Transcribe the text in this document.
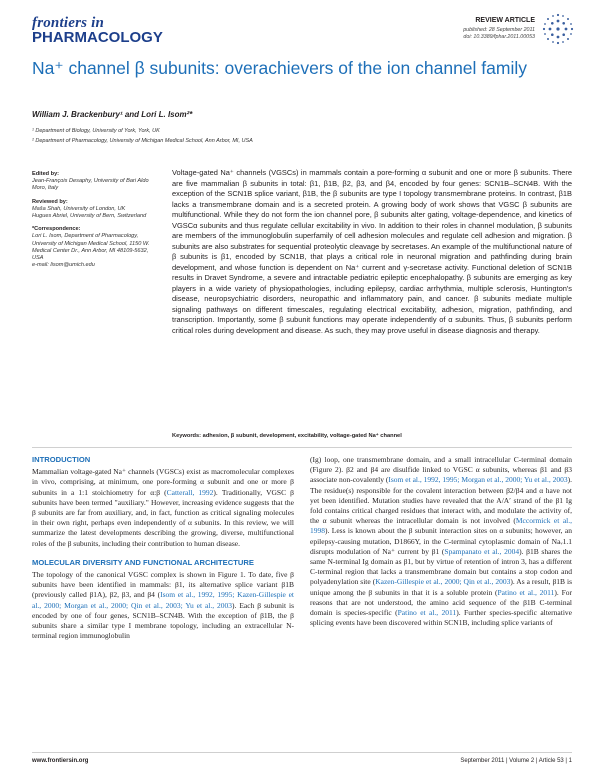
frontiers in
PHARMACOLOGY
REVIEW ARTICLE
published: 28 September 2011
doi: 10.3389/fphar.2011.00053
Na⁺ channel β subunits: overachievers of the ion channel family
William J. Brackenbury¹ and Lori L. Isom²*
¹ Department of Biology, University of York, York, UK
² Department of Pharmacology, University of Michigan Medical School, Ann Arbor, MI, USA
Edited by:
Jean-François Desaphy, University of Bari Aldo Moro, Italy
Reviewed by:
Maša Shah, University of London, UK
Hugues Abriel, University of Bern, Switzerland
*Correspondence:
Lori L. Isom, Department of Pharmacology, University of Michigan Medical School, 1150 W. Medical Center Dr., Ann Arbor, MI 48109-5632, USA
e-mail: lisom@umich.edu
Voltage-gated Na⁺ channels (VGSCs) in mammals contain a pore-forming α subunit and one or more β subunits. There are five mammalian β subunits in total: β1, β1B, β2, β3, and β4, encoded by four genes: SCN1B–SCN4B. With the exception of the SCN1B splice variant, β1B, the β subunits are type I topology transmembrane proteins. In contrast, β1B lacks a transmembrane domain and is a secreted protein. A growing body of work shows that VGSC β subunits are multifunctional. While they do not form the ion channel pore, β subunits alter gating, voltage-dependence, and kinetics of VGSCα subunits and thus regulate cellular excitability in vivo. In addition to their roles in channel modulation, β subunits are members of the immunoglobulin superfamily of cell adhesion molecules and regulate cell adhesion and migration. β subunits are also substrates for sequential proteolytic cleavage by secretases. An example of the multifunctional nature of β subunits is β1, encoded by SCN1B, that plays a critical role in neuronal migration and pathfinding during brain development, and whose function is dependent on Na⁺ current and γ-secretase activity. Functional deletion of SCN1B results in Dravet Syndrome, a severe and intractable pediatric epileptic encephalopathy. β subunits are emerging as key players in a wide variety of physiopathologies, including epilepsy, cardiac arrhythmia, multiple sclerosis, Huntington's disease, neuropsychiatric disorders, neuropathic and inflammatory pain, and cancer. β subunits mediate multiple signaling pathways on different timescales, regulating electrical excitability, adhesion, migration, pathfinding, and transcription. Importantly, some β subunit functions may operate independently of α subunits. Thus, β subunits perform critical roles during development and disease. As such, they may prove useful in disease diagnosis and therapy.
Keywords: adhesion, β subunit, development, excitability, voltage-gated Na⁺ channel
INTRODUCTION
Mammalian voltage-gated Na⁺ channels (VGSCs) exist as macromolecular complexes in vivo, comprising, at minimum, one pore-forming α subunit and one or more β subunits in a 1:1 stoichiometry for α:β (Catterall, 1992). Traditionally, VGSC β subunits have been termed "auxiliary." However, increasing evidence suggests that the β subunits are far from auxiliary, and, in fact, function as critical signaling molecules in their own right, perhaps even independently of α subunits. In this review, we will summarize the latest developments describing the growing, diverse, multifunctional roles of the β subunits, including their contribution to human disease.
MOLECULAR DIVERSITY AND FUNCTIONAL ARCHITECTURE
The topology of the canonical VGSC complex is shown in Figure 1. To date, five β subunits have been identified in mammals: β1, its alternative splice variant β1B (previously called β1A), β2, β3, and β4 (Isom et al., 1992, 1995; Kazen-Gillespie et al., 2000; Morgan et al., 2000; Qin et al., 2003; Yu et al., 2003). Each β subunit is encoded by one of four genes, SCN1B–SCN4B. With the exception of β1B, the β subunits share a similar type I membrane topology, including an extracellular N-terminal region immunoglobulin
(Ig) loop, one transmembrane domain, and a small intracellular C-terminal domain (Figure 2). β2 and β4 are disulfide linked to VGSC α subunits, whereas β1 and β3 associate non-covalently (Isom et al., 1992, 1995; Morgan et al., 2000; Yu et al., 2003). The residue(s) responsible for the covalent interaction between β2/β4 and α have not yet been identified. Mutation studies have revealed that the A/A′ strand of the β1 Ig fold contains critical charged residues that interact with, and modulate the activity of, the α subunit whereas the intracellular domain is not involved (Mccormick et al., 1998). Less is known about the β subunit interaction sites on α subunits; however, an epilepsy-causing mutation, D1866Y, in the C-terminal cytoplasmic domain of Naᵥ1.1 disrupts modulation of Na⁺ current by β1 (Spampanato et al., 2004). β1B shares the same N-terminal Ig domain as β1, but by virtue of retention of intron 3, has a different C-terminal region that lacks a transmembrane domain but contains a stop codon and polyadenylation site (Kazen-Gillespie et al., 2000; Qin et al., 2003). As a result, β1B is unique among the β subunits in that it is a soluble protein (Patino et al., 2011). For reasons that are not understood, the amino acid sequence of the β1B C-terminal domain is species-specific (Patino et al., 2011). Further species-specific alternative splicing events have been discovered within SCN1B, including splice variants of
www.frontiersin.org	September 2011 | Volume 2 | Article 53 | 1
